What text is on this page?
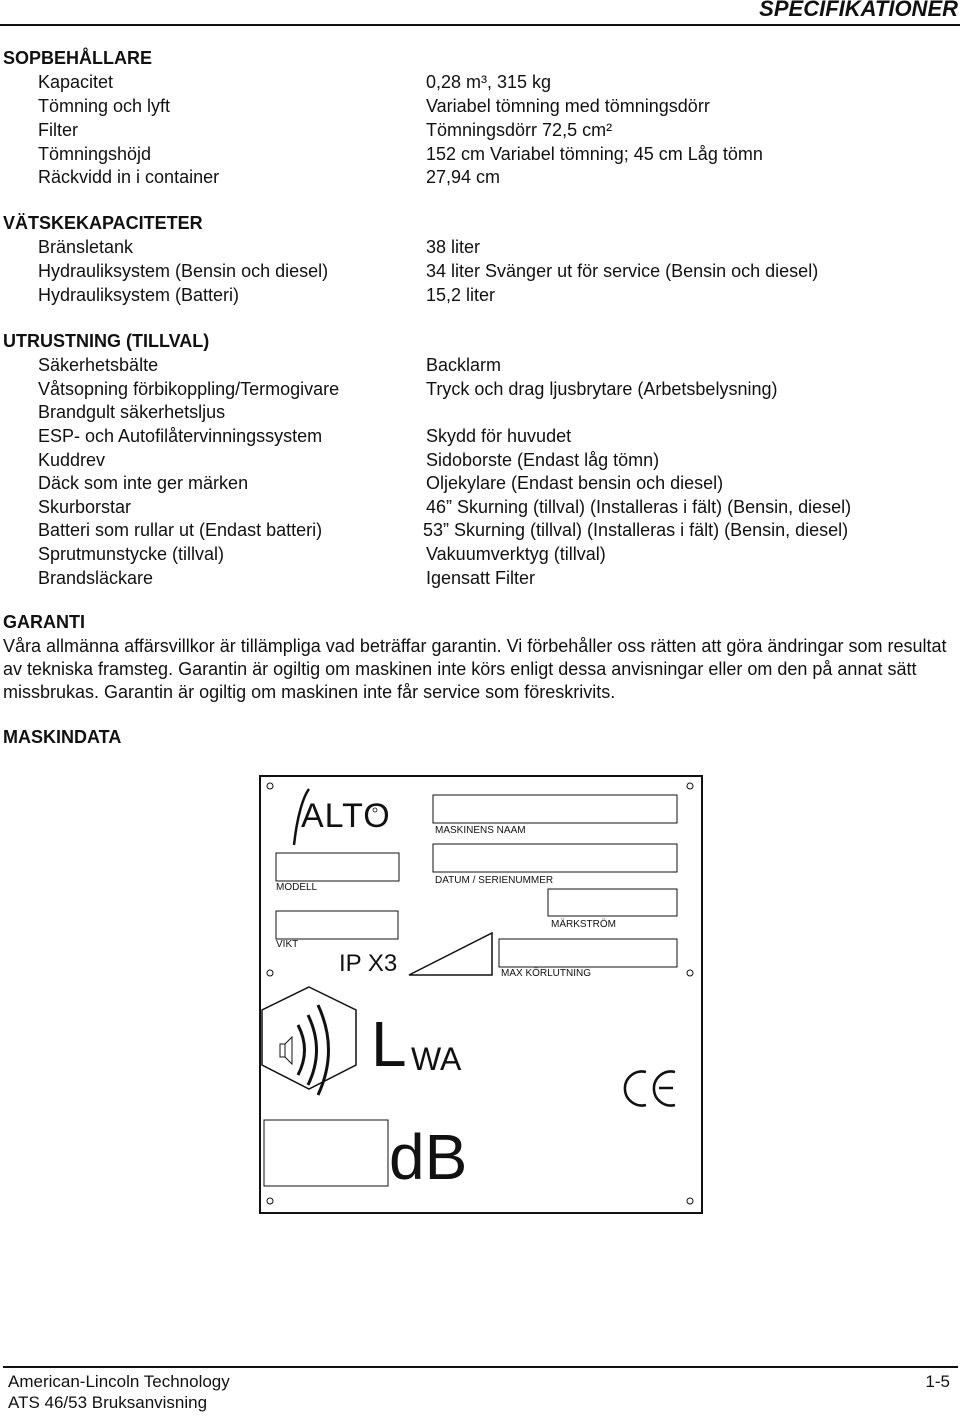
SPECIFIKATIONER
SOPBEHÅLLARE
Kapacitet	0,28 m³, 315 kg
Tömning och lyft	Variabel tömning med tömningsdörr
Filter	Tömningsdörr 72,5 cm²
Tömningshöjd	152 cm Variabel tömning; 45 cm Låg tömn
Räckvidd in i container	27,94 cm
VÄTSKEKAPACITETER
Bränsletank	38 liter
Hydrauliksystem (Bensin och diesel)	34 liter Svänger ut för service (Bensin och diesel)
Hydrauliksystem (Batteri)	15,2 liter
UTRUSTNING (TILLVAL)
Säkerhetsbälte	Backlarm
Våtsopning förbikoppling/Termogivare	Tryck och drag ljusbrytare (Arbetsbelysning)
Brandgult säkerhetsljus
ESP- och Autofilåtervinningssystem	Skydd för huvudet
Kuddrev	Sidoborste (Endast låg tömn)
Däck som inte ger märken	Oljekylare (Endast bensin och diesel)
Skurborstar	46” Skurning (tillval) (Installeras i fält) (Bensin, diesel)
Batteri som rullar ut (Endast batteri)	53” Skurning (tillval) (Installeras i fält) (Bensin, diesel)
Sprutmunstycke (tillval)	Vakuumverktyg (tillval)
Brandsläckare	Igensatt Filter
GARANTI
Våra allmänna affärsvillkor är tillämpliga vad beträffar garantin. Vi förbehåller oss rätten att göra ändringar som resultat av tekniska framsteg. Garantin är ogiltig om maskinen inte körs enligt dessa anvisningar eller om den på annat sätt missbrukas. Garantin är ogiltig om maskinen inte får service som föreskrivits.
MASKINDATA
ALTO	MASKINENS NAAM
MODELL
DATUM / SERIENUMMER
MÄRKSTRÖM
VIKT
IP X3	MAX KÖRLUTNING
L WA
dB
American-Lincoln Technology
ATS 46/53 Bruksanvisning
1-5
